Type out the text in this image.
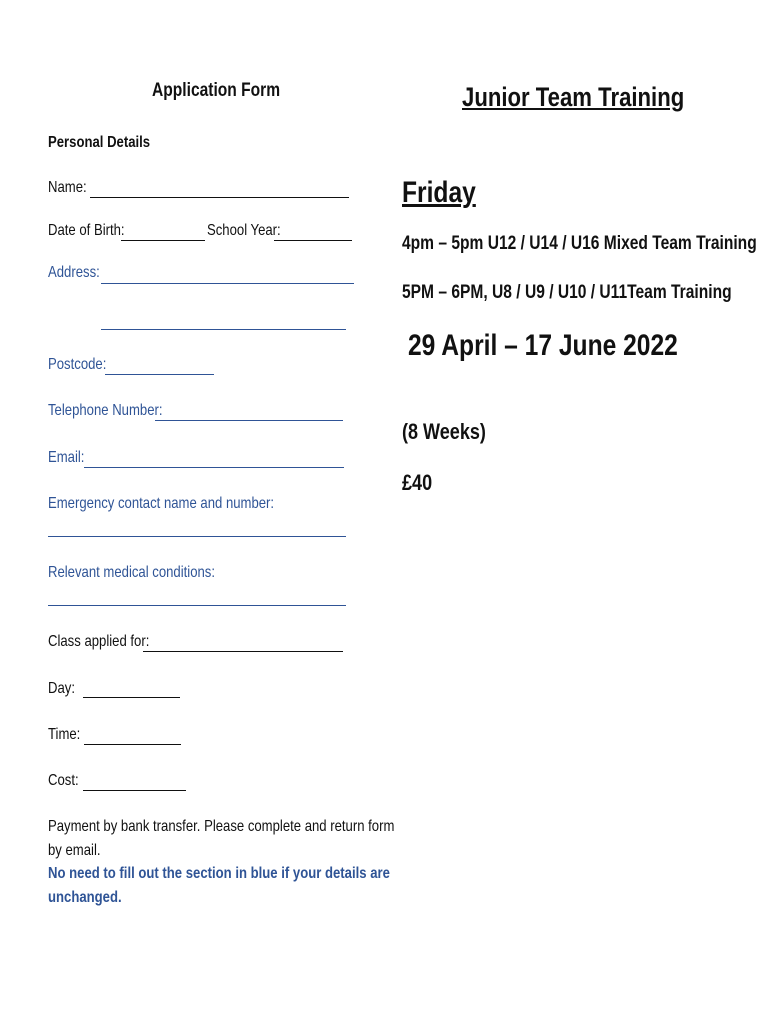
Application Form
Personal Details
Name:
Date of Birth:	School Year:
Address:
Postcode:
Telephone Number:
Email:
Emergency contact name and number:
Relevant medical conditions:
Class applied for:
Day:
Time:
Cost:
Payment by bank transfer. Please complete and return form
by email.
No need to fill out the section in blue if your details are
unchanged.
Junior Team Training
Friday
4pm – 5pm U12 / U14 / U16 Mixed Team Training
5PM – 6PM, U8 / U9 / U10 / U11Team Training
29 April – 17 June 2022
(8 Weeks)
£40
